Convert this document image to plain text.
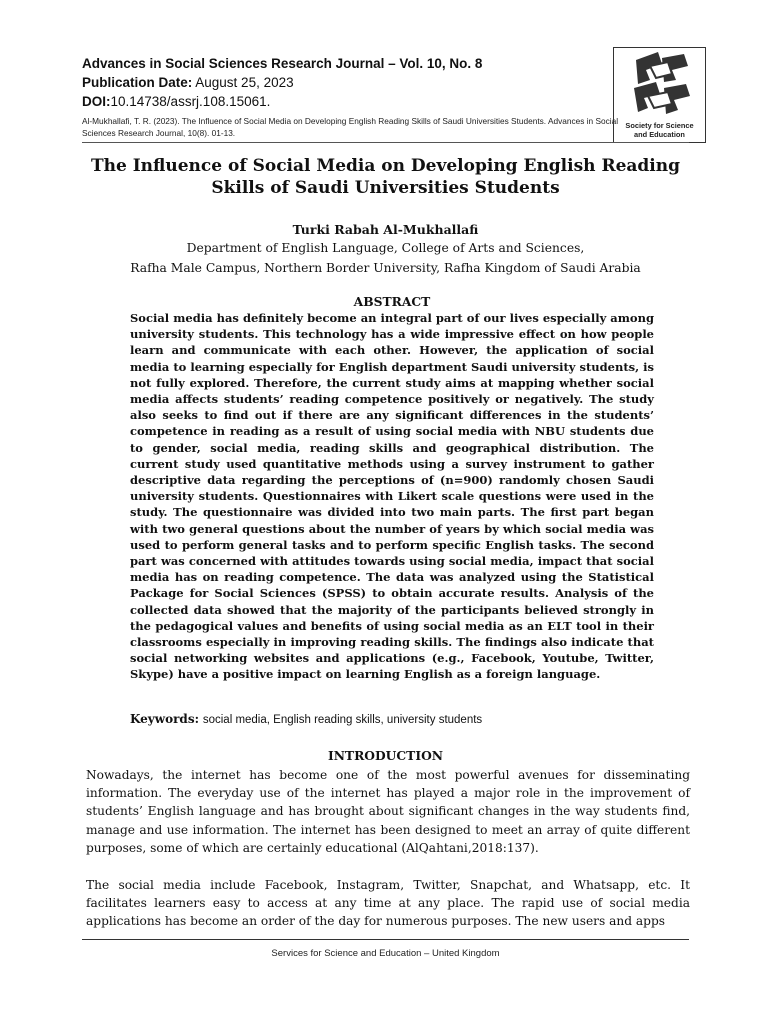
Advances in Social Sciences Research Journal – Vol. 10, No. 8
Publication Date: August 25, 2023
DOI:10.14738/assrj.108.15061.
Al-Mukhallafi, T. R. (2023). The Influence of Social Media on Developing English Reading Skills of Saudi Universities Students. Advances in Social Sciences Research Journal, 10(8). 01-13.
Society for Science
and Education
The Influence of Social Media on Developing English Reading Skills of Saudi Universities Students
Turki Rabah Al-Mukhallafi
Department of English Language, College of Arts and Sciences,
Rafha Male Campus, Northern Border University, Rafha Kingdom of Saudi Arabia
ABSTRACT
Social media has definitely become an integral part of our lives especially among university students. This technology has a wide impressive effect on how people learn and communicate with each other. However, the application of social media to learning especially for English department Saudi university students, is not fully explored. Therefore, the current study aims at mapping whether social media affects students’ reading competence positively or negatively. The study also seeks to find out if there are any significant differences in the students’ competence in reading as a result of using social media with NBU students due to gender, social media, reading skills and geographical distribution. The current study used quantitative methods using a survey instrument to gather descriptive data regarding the perceptions of (n=900) randomly chosen Saudi university students. Questionnaires with Likert scale questions were used in the study. The questionnaire was divided into two main parts. The first part began with two general questions about the number of years by which social media was used to perform general tasks and to perform specific English tasks. The second part was concerned with attitudes towards using social media, impact that social media has on reading competence. The data was analyzed using the Statistical Package for Social Sciences (SPSS) to obtain accurate results. Analysis of the collected data showed that the majority of the participants believed strongly in the pedagogical values and benefits of using social media as an ELT tool in their classrooms especially in improving reading skills. The findings also indicate that social networking websites and applications (e.g., Facebook, Youtube, Twitter, Skype) have a positive impact on learning English as a foreign language.
Keywords: social media, English reading skills, university students
INTRODUCTION
Nowadays, the internet has become one of the most powerful avenues for disseminating information. The everyday use of the internet has played a major role in the improvement of students’ English language and has brought about significant changes in the way students find, manage and use information. The internet has been designed to meet an array of quite different purposes, some of which are certainly educational (AlQahtani,2018:137).
The social media include Facebook, Instagram, Twitter, Snapchat, and Whatsapp, etc. It facilitates learners easy to access at any time at any place. The rapid use of social media applications has become an order of the day for numerous purposes. The new users and apps
Services for Science and Education – United Kingdom
